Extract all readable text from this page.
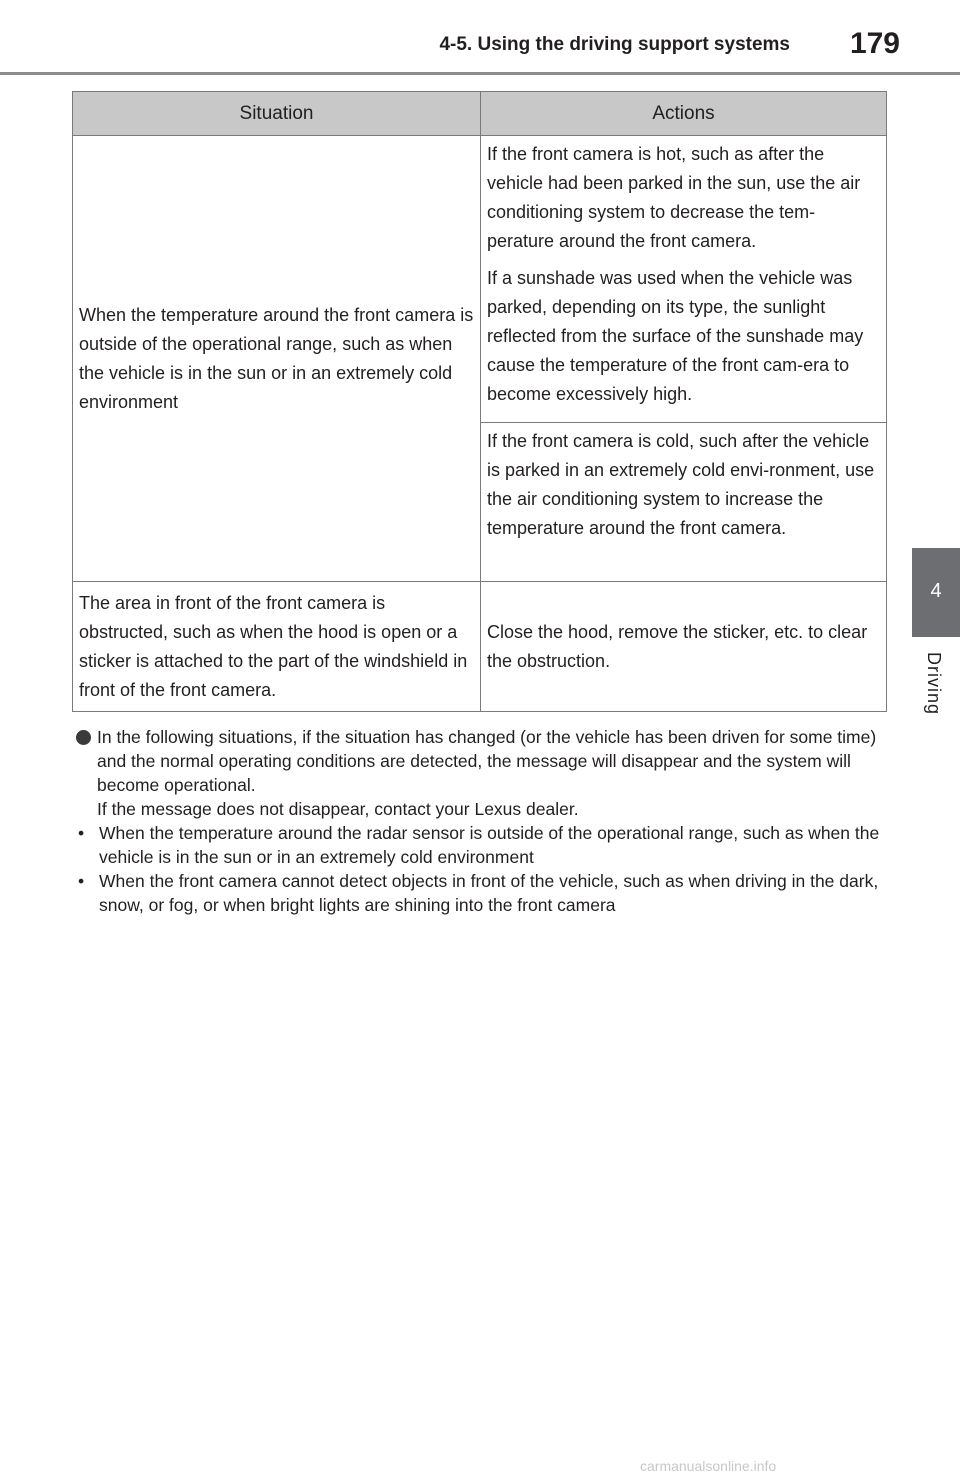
4-5. Using the driving support systems	179
4
Driving
Situation	Actions

When the temperature around the front camera is outside of the operational range, such as when the vehicle is in the sun or in an extremely cold environment	If the front camera is hot, such as after the vehicle had been parked in the sun, use the air conditioning system to decrease the tem-perature around the front camera.

If a sunshade was used when the vehicle was parked, depending on its type, the sunlight reflected from the surface of the sunshade may cause the temperature of the front cam-era to become excessively high.

	If the front camera is cold, such after the vehicle is parked in an extremely cold envi-ronment, use the air conditioning system to increase the temperature around the front camera.

The area in front of the front camera is obstructed, such as when the hood is open or a sticker is attached to the part of the windshield in front of the front camera.	Close the hood, remove the sticker, etc. to clear the obstruction.

In the following situations, if the situation has changed (or the vehicle has been driven for some time) and the normal operating conditions are detected, the message will disappear and the system will become operational.

If the message does not disappear, contact your Lexus dealer.

• When the temperature around the radar sensor is outside of the operational range, such as when the vehicle is in the sun or in an extremely cold environment
• When the front camera cannot detect objects in front of the vehicle, such as when driving in the dark, snow, or fog, or when bright lights are shining into the front camera
carmanualsonline.info
